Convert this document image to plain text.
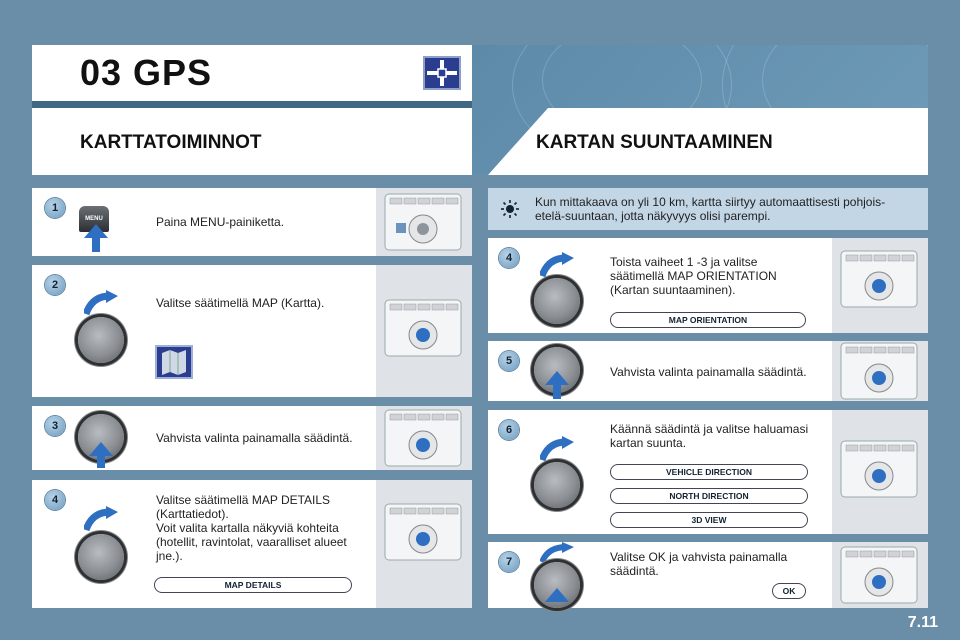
03 GPS
KARTTATOIMINNOT	KARTAN SUUNTAAMINEN
1
MENU	Paina MENU-painiketta.
2
Valitse säätimellä MAP (Kartta).
3
Vahvista valinta painamalla säädintä.
4	Valitse säätimellä MAP DETAILS
(Karttatiedot).
Voit valita kartalla näkyviä kohteita
(hotellit, ravintolat, vaaralliset alueet
jne.).
MAP DETAILS
Kun mittakaava on yli 10 km, kartta siirtyy automaattisesti pohjois-
etelä-suuntaan, jotta näkyvyys olisi parempi.
4	Toista vaiheet 1 -3 ja valitse
säätimellä MAP ORIENTATION
(Kartan suuntaaminen).
MAP ORIENTATION
5
Vahvista valinta painamalla säädintä.
6	Käännä säädintä ja valitse haluamasi
kartan suunta.
VEHICLE DIRECTION
NORTH DIRECTION
3D VIEW
7	Valitse OK ja vahvista painamalla
säädintä.
OK
7.11
